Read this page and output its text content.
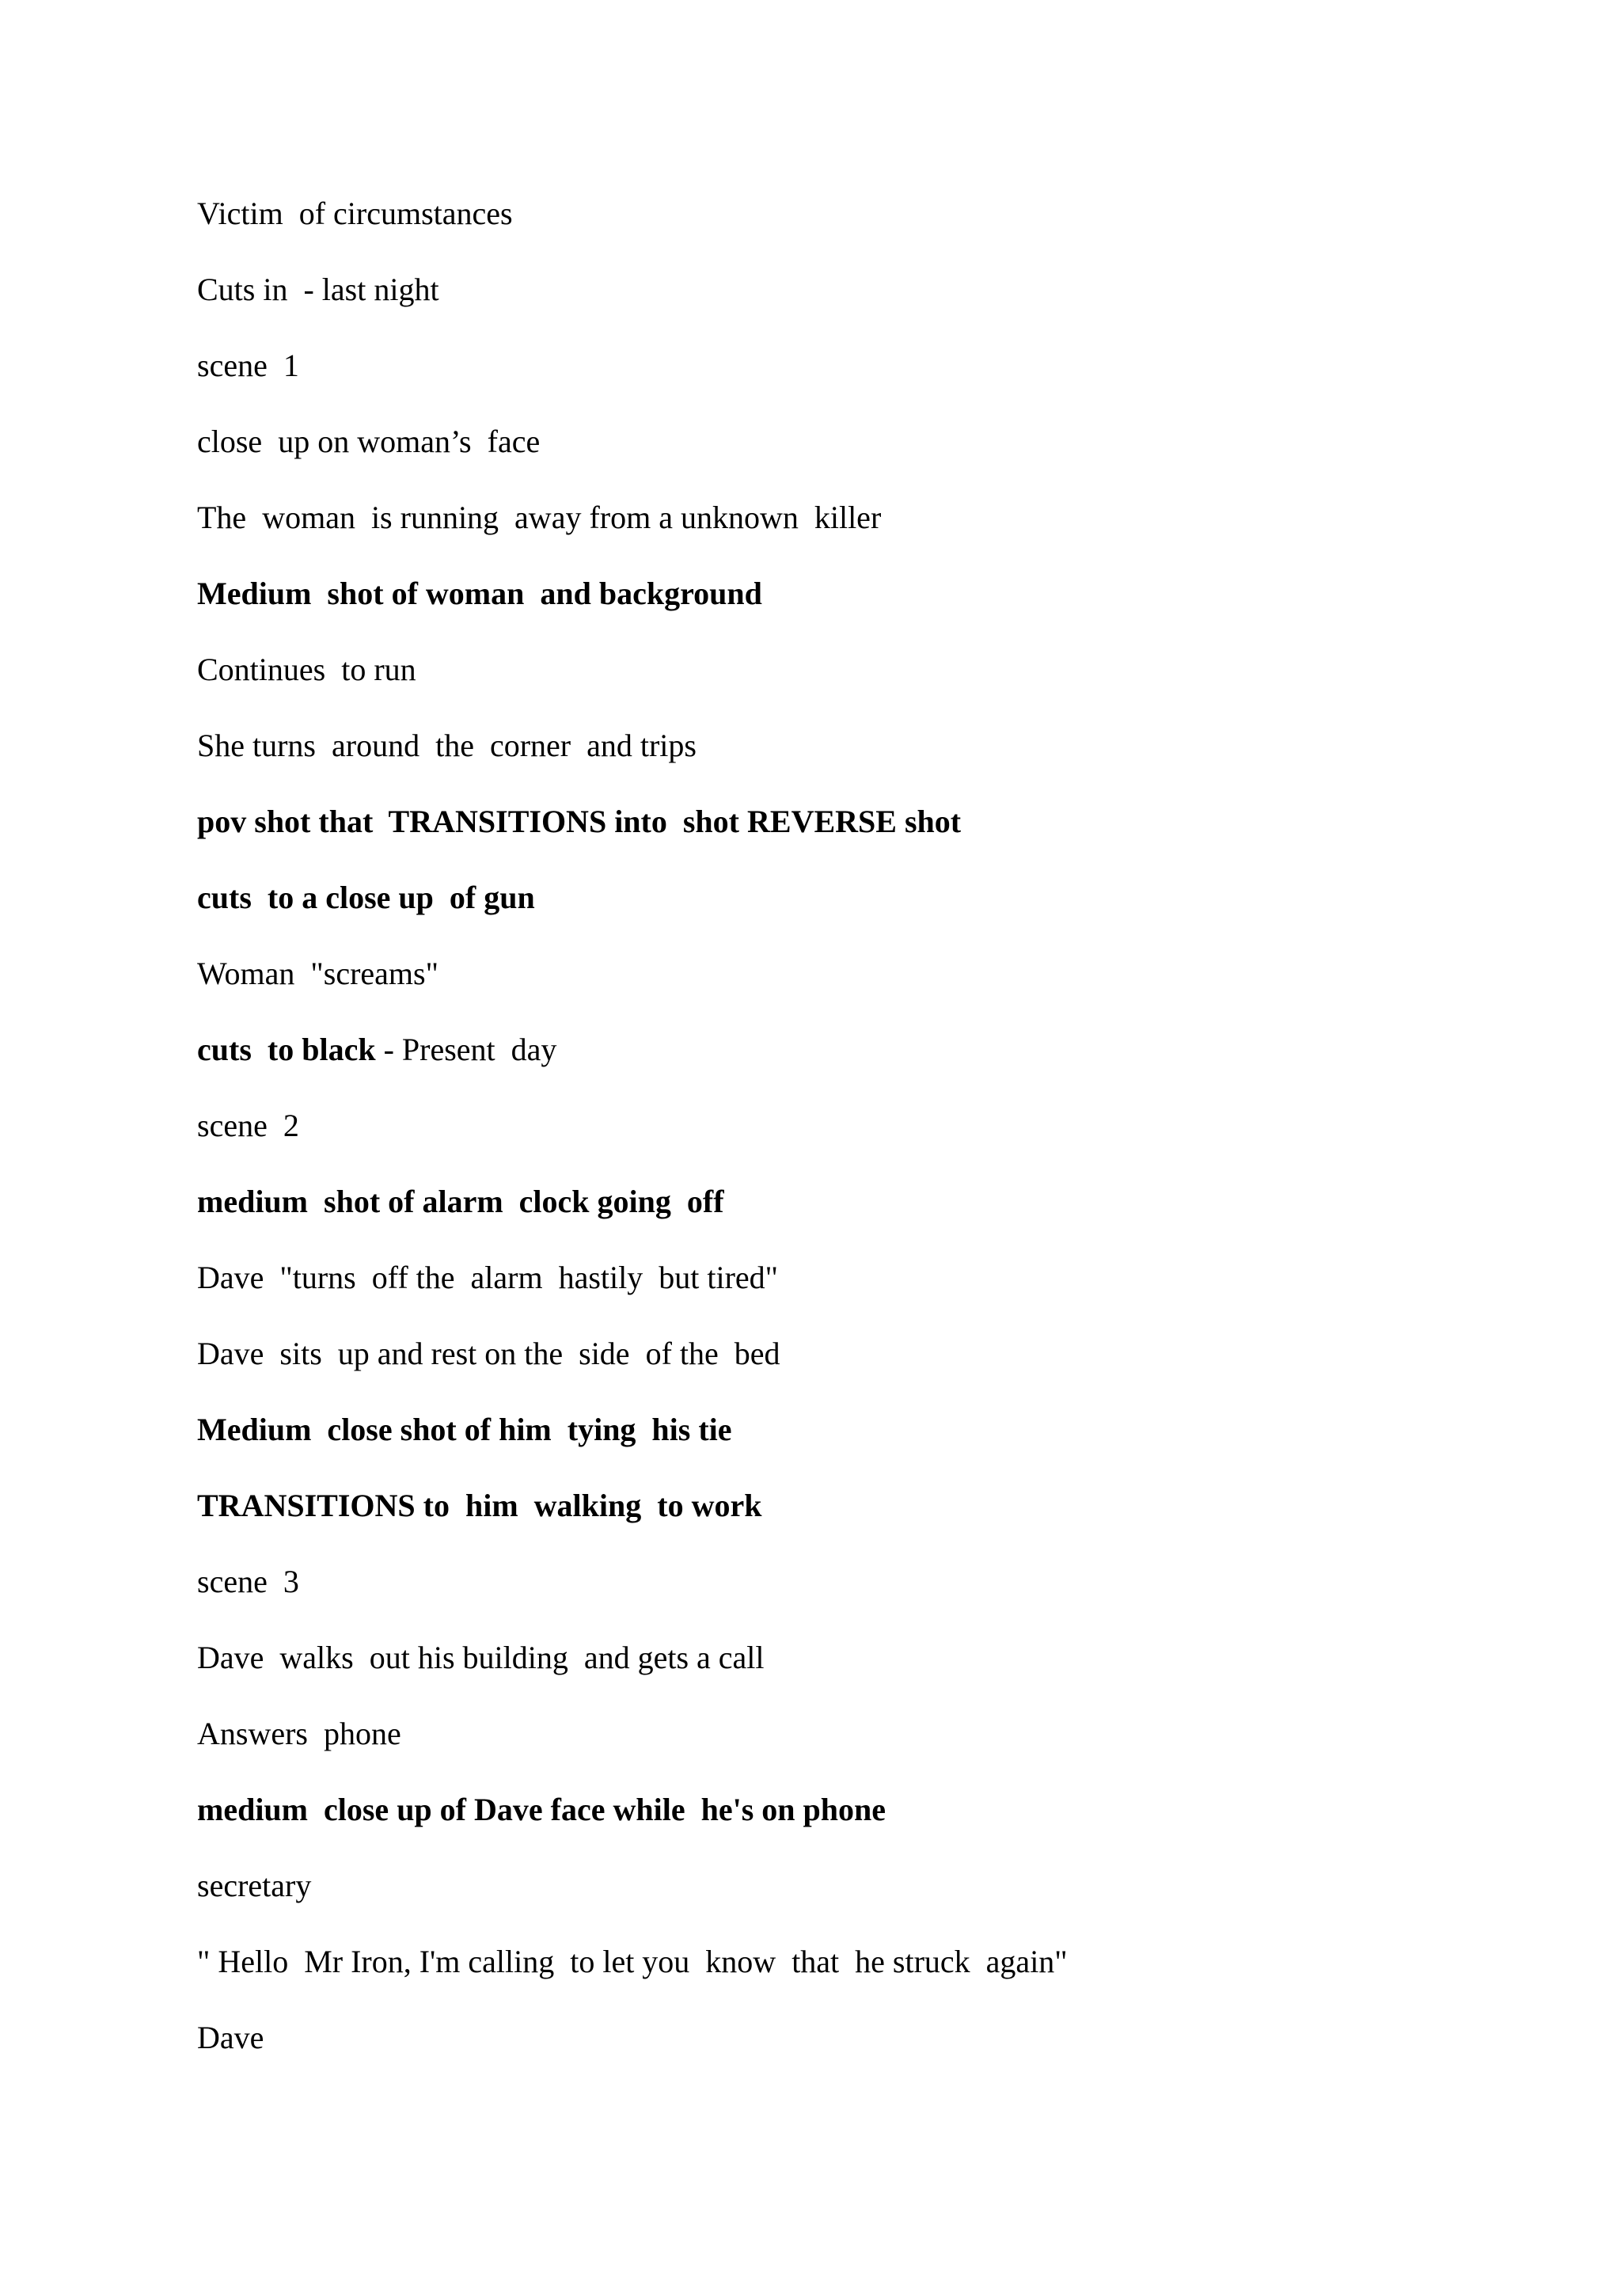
Victim  of circumstances
Cuts in  - last night
scene  1
close  up on woman’s  face
The  woman  is running  away from a unknown  killer
Medium  shot of woman  and background
Continues  to run
She turns  around  the  corner  and trips
pov shot that  TRANSITIONS into  shot REVERSE shot
cuts  to a close up  of gun
Woman  "screams"
cuts  to black - Present  day
scene  2
medium  shot of alarm  clock going  off
Dave  "turns  off the  alarm  hastily  but tired"
Dave  sits  up and rest on the  side  of the  bed
Medium  close shot of him  tying  his tie
TRANSITIONS to  him  walking  to work
scene  3
Dave  walks  out his building  and gets a call
Answers  phone
medium  close up of Dave face while  he's on phone
secretary
" Hello  Mr Iron, I'm calling  to let you  know  that  he struck  again"
Dave
